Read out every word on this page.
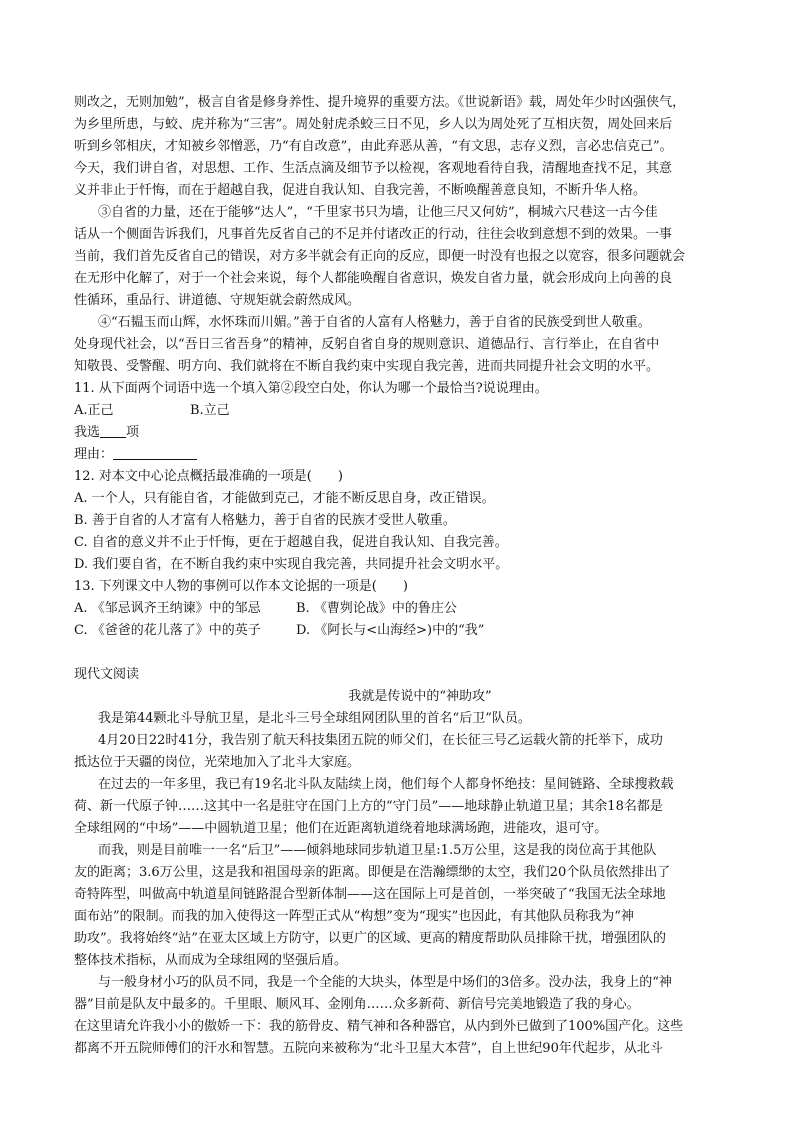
则改之，无则加勉”，极言自省是修身养性、提升境界的重要方法。《世说新语》载，周处年少时凶强侠气，
为乡里所患，与蛟、虎并称为“三害”。周处射虎杀蛟三日不见，乡人以为周处死了互相庆贺，周处回来后
听到乡邻相庆，才知被乡邻憎恶，乃“有自改意”，由此弃恶从善，“有文思，志存义烈，言必忠信克己”。
今天，我们讲自省，对思想、工作、生活点滴及细节予以检视，客观地看待自我，清醒地查找不足，其意
义并非止于忏悔，而在于超越自我，促进自我认知、自我完善，不断唤醒善意良知，不断升华人格。
③自省的力量，还在于能够“达人”，“千里家书只为墙，让他三尺又何妨”，桐城六尺巷这一古今佳
话从一个侧面告诉我们，凡事首先反省自己的不足并付诸改正的行动，往往会收到意想不到的效果。一事
当前，我们首先反省自己的错误，对方多半就会有正向的反应，即便一时没有也报之以宽容，很多问题就会
在无形中化解了，对于一个社会来说，每个人都能唤醒自省意识，焕发自省力量，就会形成向上向善的良
性循环，重品行、讲道德、守规矩就会蔚然成风。
④“石韫玉而山辉，水怀珠而川媚。”善于自省的人富有人格魅力，善于自省的民族受到世人敬重。
处身现代社会，以“吾日三省吾身”的精神，反躬自省自身的规则意识、道德品行、言行举止，在自省中
知敬畏、受警醒、明方向、我们就将在不断自我约束中实现自我完善，进而共同提升社会文明的水平。
11. 从下面两个词语中选一个填入第②段空白处，你认为哪一个最恰当?说说理由。
A.正己	B.立己
我选 项
理由：
12. 对本文中心论点概括最准确的一项是(　　)
A. 一个人，只有能自省，才能做到克己，才能不断反思自身，改正错误。
B. 善于自省的人才富有人格魅力，善于自省的民族才受世人敬重。
C. 自省的意义并不止于忏悔，更在于超越自我，促进自我认知、自我完善。
D. 我们要自省，在不断自我约束中实现自我完善，共同提升社会文明水平。
13. 下列课文中人物的事例可以作本文论据的一项是(　　)
A. 《邹忌讽齐王纳谏》中的邹忌	B. 《曹刿论战》中的鲁庄公
C. 《爸爸的花儿落了》中的英子	D. 《阿长与<山海经>)中的“我”
现代文阅读
我就是传说中的“神助攻”
我是第44颗北斗导航卫星，是北斗三号全球组网团队里的首名“后卫”队员。
4月20日22时41分，我告别了航天科技集团五院的师父们，在长征三号乙运载火箭的托举下，成功
抵达位于天疆的岗位，光荣地加入了北斗大家庭。
在过去的一年多里，我已有19名北斗队友陆续上岗，他们每个人都身怀绝技：星间链路、全球搜救载
荷、新一代原子钟……这其中一名是驻守在国门上方的“守门员”——地球静止轨道卫星；其余18名都是
全球组网的“中场”——中圆轨道卫星；他们在近距离轨道绕着地球满场跑，进能攻，退可守。
而我，则是目前唯一一名“后卫”——倾斜地球同步轨道卫星:1.5万公里，这是我的岗位高于其他队
友的距离；3.6万公里，这是我和祖国母亲的距离。即便是在浩瀚缥缈的太空，我们20个队员依然排出了
奇特阵型，叫做高中轨道星间链路混合型新体制——这在国际上可是首创，一举突破了“我国无法全球地
面布站”的限制。而我的加入使得这一阵型正式从“构想”变为“现实”也因此，有其他队员称我为“神
助攻”。我将始终“站”在亚太区域上方防守，以更广的区域、更高的精度帮助队员排除干扰，增强团队的
整体技术指标，从而成为全球组网的坚强后盾。
与一般身材小巧的队员不同，我是一个全能的大块头，体型是中场们的3倍多。没办法，我身上的“神
器”目前是队友中最多的。千里眼、顺风耳、金刚角……众多新荷、新信号完美地锻造了我的身心。
在这里请允许我小小的傲娇一下：我的筋骨皮、精气神和各种器官，从内到外已做到了100%国产化。这些
都离不开五院师傅们的汗水和智慧。五院向来被称为“北斗卫星大本营”，自上世纪90年代起步，从北斗
